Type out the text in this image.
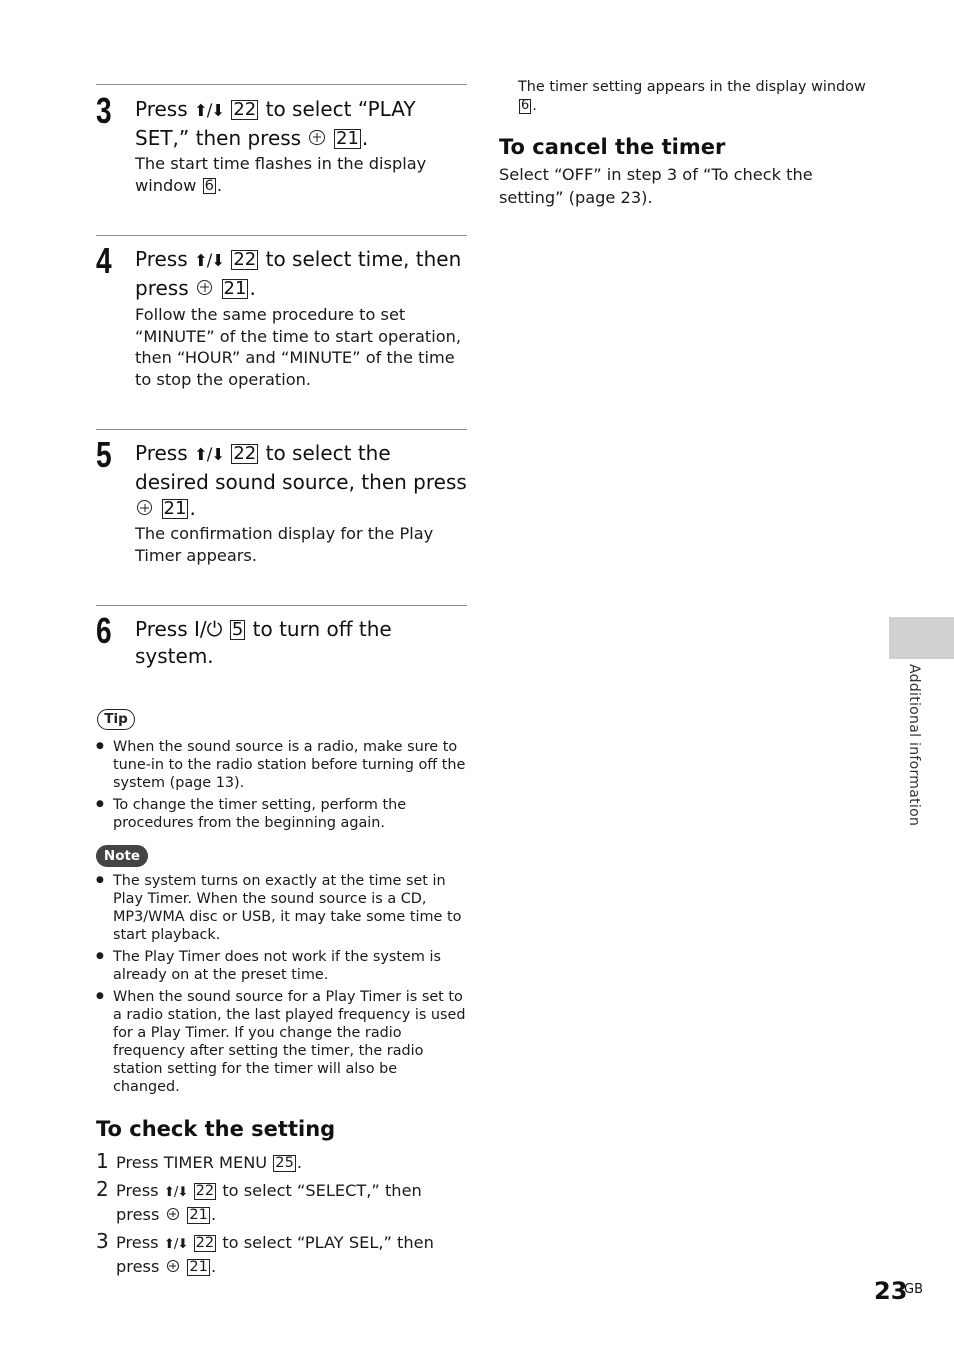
The timer setting appears in the display window
6 .
To cancel the timer
Select “OFF” in step 3 of “To check the setting” (page 23).
3 Press ⬆/⬇ 22 to select “PLAY SET,” then press  21 .
The start time flashes in the display window 6 .
4 Press ⬆/⬇ 22 to select time, then press  21 .
Follow the same procedure to set “MINUTE” of the time to start operation, then “HOUR” and “MINUTE” of the time to stop the operation.
5 Press ⬆/⬇ 22 to select the desired sound source, then press  21 .
The confirmation display for the Play Timer appears.
6 Press I/⏻ 5 to turn off the system.
Tip
● When the sound source is a radio, make sure to tune-in to the radio station before turning off the system (page 13).
● To change the timer setting, perform the procedures from the beginning again.
Note
● The system turns on exactly at the time set in Play Timer. When the sound source is a CD, MP3/WMA disc or USB, it may take some time to start playback.
● The Play Timer does not work if the system is already on at the preset time.
● When the sound source for a Play Timer is set to a radio station, the last played frequency is used for a Play Timer. If you change the radio frequency after setting the timer, the radio station setting for the timer will also be changed.
To check the setting
1 Press TIMER MENU 25 .
2 Press ⬆/⬇ 22 to select “SELECT,” then press  21 .
3 Press ⬆/⬇ 22 to select “PLAY SEL,” then press  21 .
Additional information
23
GB
